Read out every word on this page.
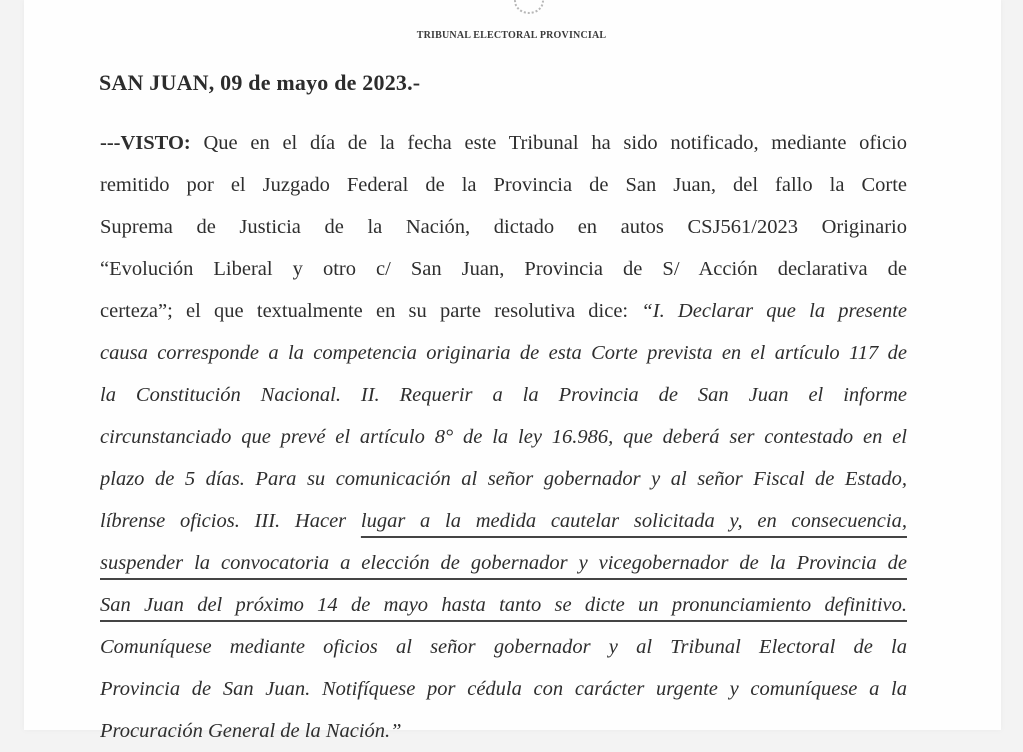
TRIBUNAL ELECTORAL PROVINCIAL
SAN JUAN, 09 de mayo de 2023.-
---VISTO: Que en el día de la fecha este Tribunal ha sido notificado, mediante oficio
remitido por el Juzgado Federal de la Provincia de San Juan, del fallo la Corte
Suprema de Justicia de la Nación, dictado en autos CSJ561/2023 Originario
“Evolución Liberal y otro c/ San Juan, Provincia de S/ Acción declarativa de
certeza”; el que textualmente en su parte resolutiva dice: “I. Declarar que la presente
causa corresponde a la competencia originaria de esta Corte prevista en el artículo 117 de
la Constitución Nacional. II. Requerir a la Provincia de San Juan el informe
circunstanciado que prevé el artículo 8° de la ley 16.986, que deberá ser contestado en el
plazo de 5 días. Para su comunicación al señor gobernador y al señor Fiscal de Estado,
líbrense oficios. III. Hacer lugar a la medida cautelar solicitada y, en consecuencia,
suspender la convocatoria a elección de gobernador y vicegobernador de la Provincia de
San Juan del próximo 14 de mayo hasta tanto se dicte un pronunciamiento definitivo.
Comuníquese mediante oficios al señor gobernador y al Tribunal Electoral de la
Provincia de San Juan. Notifíquese por cédula con carácter urgente y comuníquese a la
Procuración General de la Nación.”
